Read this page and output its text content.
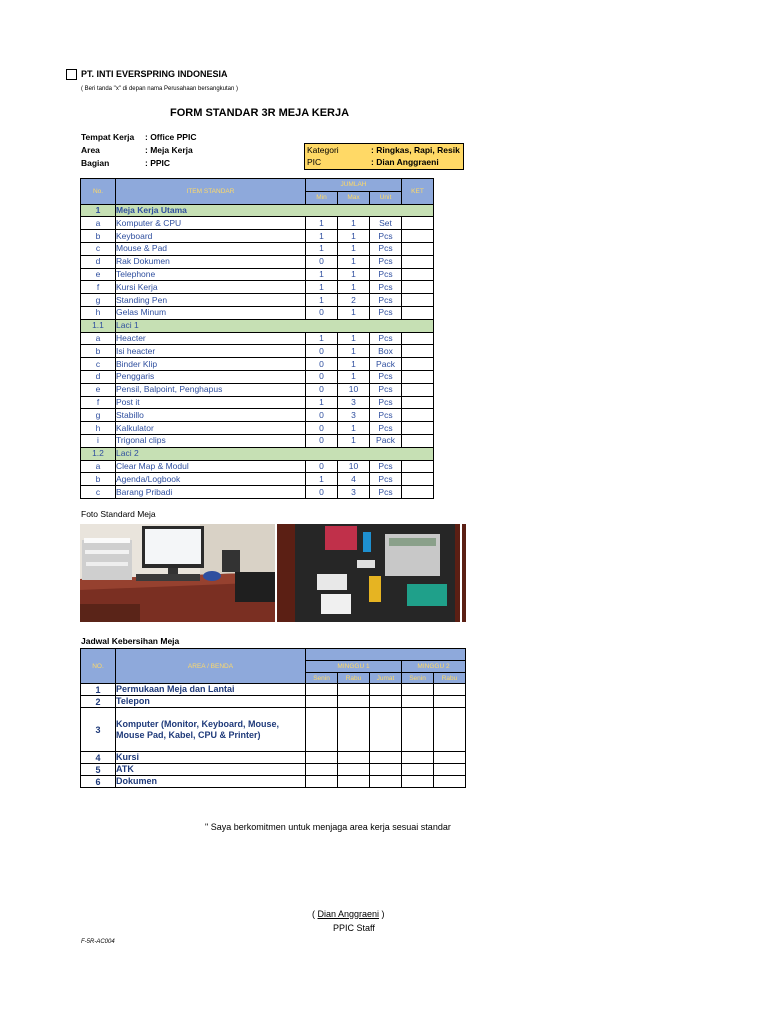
PT. INTI EVERSPRING INDONESIA
( Beri tanda "x" di depan nama Perusahaan bersangkutan )
FORM STANDAR 3R MEJA KERJA
Tempat Kerja : Office PPIC
Area	: Meja Kerja
Bagian	: PPIC
Kategori	: Ringkas, Rapi, Resik
PIC	: Dian Anggraeni
No.	ITEM STANDAR	JUMLAH			KET
		Min	Max	Unit	
1	Meja Kerja Utama				
a	Komputer & CPU	1	1	Set	
b	Keyboard	1	1	Pcs	
c	Mouse & Pad	1	1	Pcs	
d	Rak Dokumen	0	1	Pcs	
e	Telephone	1	1	Pcs	
f	Kursi Kerja	1	1	Pcs	
g	Standing Pen	1	2	Pcs	
h	Gelas Minum	0	1	Pcs	
1.1	Laci 1				
a	Heacter	1	1	Pcs	
b	Isi heacter	0	1	Box	
c	Binder Klip	0	1	Pack	
d	Penggaris	0	1	Pcs	
e	Pensil, Balpoint, Penghapus	0	10	Pcs	
f	Post it	1	3	Pcs	
g	Stabillo	0	3	Pcs	
h	Kalkulator	0	1	Pcs	
i	Trigonal clips	0	1	Pack	
1.2	Laci 2				
a	Clear Map & Modul	0	10	Pcs	
b	Agenda/Logbook	1	4	Pcs	
c	Barang Pribadi	0	3	Pcs	
Foto Standard Meja
Jadwal Kebersihan Meja
NO.	AREA / BENDA					
		MINGGU 1			MINGGU 2	
		Senin	Rabu	Jumat	Senin	Rabu
1	Permukaan Meja dan Lantai					
2	Telepon					
3	Komputer (Monitor, Keyboard, Mouse, Mouse Pad, Kabel, CPU & Printer)					
4	Kursi					
5	ATK					
6	Dokumen					
" Saya berkomitmen untuk menjaga area kerja sesuai standar
( Dian Anggraeni )
PPIC Staff
F-5R-AC004
